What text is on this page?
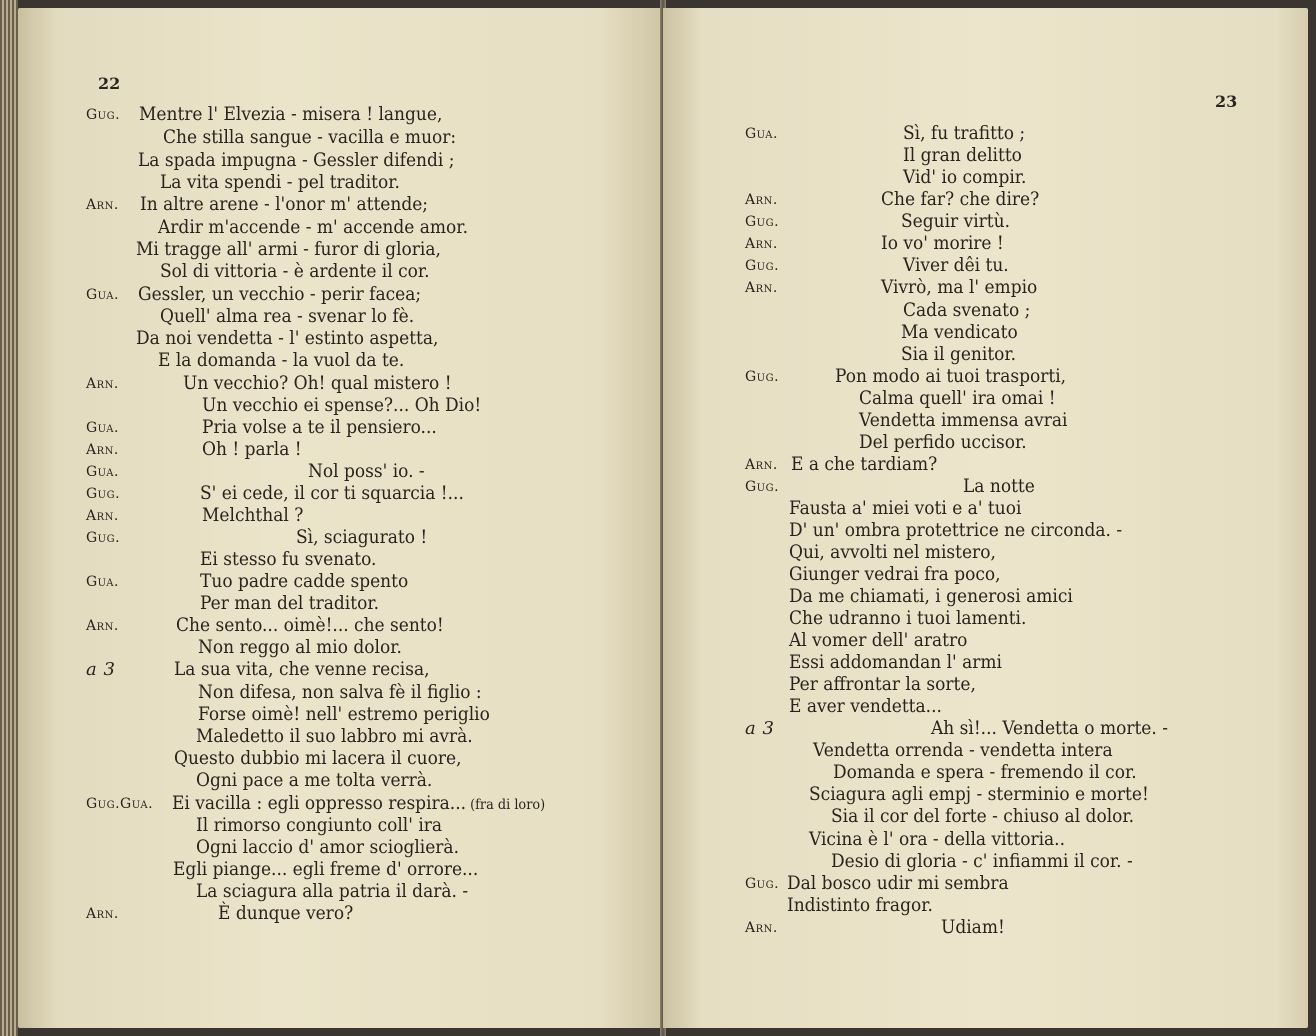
22
Gug. Mentre l' Elvezia - misera ! langue,
Che stilla sangue - vacilla e muor:
La spada impugna - Gessler difendi ;
La vita spendi - pel traditor.
Arn. In altre arene - l'onor m' attende;
Ardir m'accende - m' accende amor.
Mi tragge all' armi - furor di gloria,
Sol di vittoria - è ardente il cor.
Gua. Gessler, un vecchio - perir facea;
Quell' alma rea - svenar lo fè.
Da noi vendetta - l' estinto aspetta,
E la domanda - la vuol da te.
Arn.	Un vecchio? Oh! qual mistero !
Un vecchio ei spense?... Oh Dio!
Gua.	Pria volse a te il pensiero...
Arn.	Oh ! parla !
Gua.	Nol poss' io. -
Gug.	S' ei cede, il cor ti squarcia !...
Arn.	Melchthal ?
Gug.	Sì, sciagurato !
Ei stesso fu svenato.
Gua.	Tuo padre cadde spento
Per man del traditor.
Arn.	Che sento... oimè!... che sento!
Non reggo al mio dolor.
a 3	La sua vita, che venne recisa,
Non difesa, non salva fè il figlio :
Forse oimè! nell' estremo periglio
Maledetto il suo labbro mi avrà.
Questo dubbio mi lacera il cuore,
Ogni pace a me tolta verrà.
Gug.Gua. Ei vacilla : egli oppresso respira... (fra di loro)
Il rimorso congiunto coll' ira
Ogni laccio d' amor scioglierà.
Egli piange... egli freme d' orrore...
La sciagura alla patria il darà. -
Arn.	È dunque vero?
23
Gua.	Sì, fu trafitto ;
Il gran delitto
Vid' io compir.
Arn.	Che far? che dire?
Gug.	Seguir virtù.
Arn.	Io vo' morire !
Gug.	Viver dêi tu.
Arn.	Vivrò, ma l' empio
Cada svenato ;
Ma vendicato
Sia il genitor.
Gug.	Pon modo ai tuoi trasporti,
Calma quell' ira omai !
Vendetta immensa avrai
Del perfido uccisor.
Arn. E a che tardiam?
Gug.	La notte
Fausta a' miei voti e a' tuoi
D' un' ombra protettrice ne circonda. -
Qui, avvolti nel mistero,
Giunger vedrai fra poco,
Da me chiamati, i generosi amici
Che udranno i tuoi lamenti.
Al vomer dell' aratro
Essi addomandan l' armi
Per affrontar la sorte,
E aver vendetta...
a 3	Ah sì!... Vendetta o morte. -
Vendetta orrenda - vendetta intera
Domanda e spera - fremendo il cor.
Sciagura agli empj - sterminio e morte!
Sia il cor del forte - chiuso al dolor.
Vicina è l' ora - della vittoria..
Desio di gloria - c' infiammi il cor. -
Gug. Dal bosco udir mi sembra
Indistinto fragor.
Arn.	Udiam!
